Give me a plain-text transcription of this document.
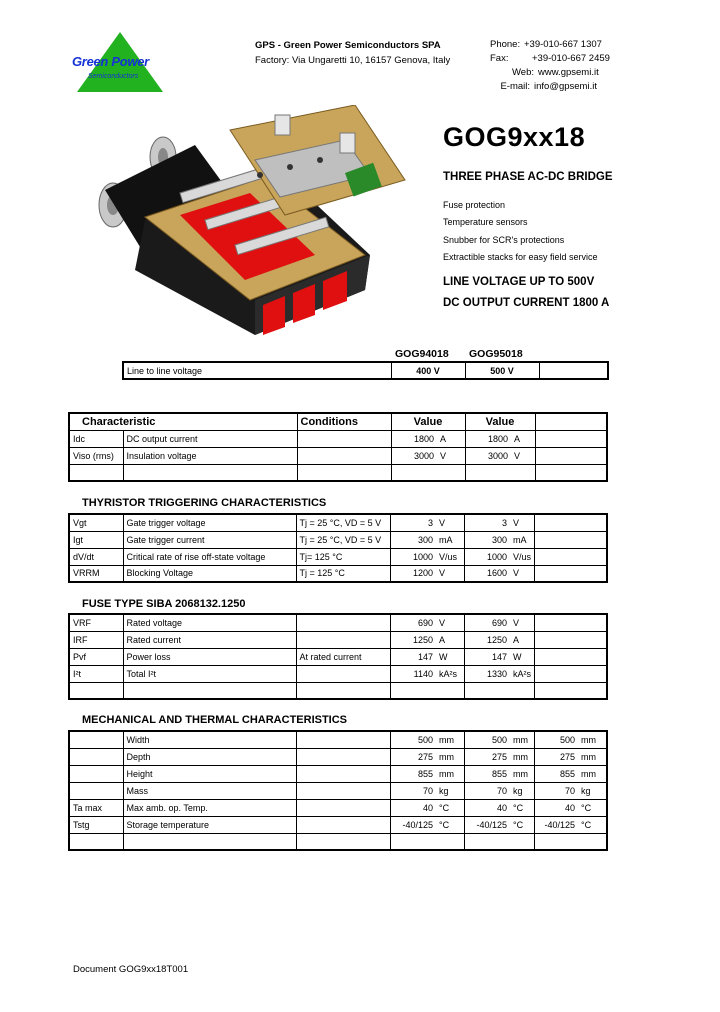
Green Power
Semiconductors
GPS - Green Power Semiconductors SPA
Factory: Via Ungaretti 10, 16157 Genova, Italy
Phone: +39-010-667 1307
Fax:	+39-010-667 2459
Web: www.gpsemi.it
E-mail: info@gpsemi.it
GOG9xx18
THREE PHASE AC-DC BRIDGE
Fuse protection
Temperature sensors
Snubber for SCR's protections
Extractible stacks for easy field service
LINE VOLTAGE UP TO 500V
DC OUTPUT CURRENT 1800 A
GOG94018 GOG95018
Line to line voltage	400 V	500 V	
Characteristic		Conditions	Value		Value		
Idc	DC output current		1800	A	1800	A	
Viso (rms)	Insulation voltage		3000	V	3000	V	

THYRISTOR TRIGGERING CHARACTERISTICS
Vgt	Gate trigger voltage	Tj = 25 °C, VD = 5 V	3	V	3	V	
Igt	Gate trigger current	Tj = 25 °C, VD = 5 V	300	mA	300	mA	
dV/dt	Critical rate of rise off-state voltage	Tj= 125 °C	1000	V/us	1000	V/us	
VRRM	Blocking Voltage	Tj = 125 °C	1200	V	1600	V	
FUSE TYPE SIBA 2068132.1250
VRF	Rated voltage		690	V	690	V	
IRF	Rated current		1250	A	1250	A	
Pvf	Power loss	At rated current	147	W	147	W	
I²t	Total I²t		1140	kA²s	1330	kA²s	

MECHANICAL AND THERMAL CHARACTERISTICS
	Width		500	mm	500	mm	500	mm
	Depth		275	mm	275	mm	275	mm
	Height		855	mm	855	mm	855	mm
	Mass		70	kg	70	kg	70	kg
Ta max	Max amb. op. Temp.		40	°C	40	°C	40	°C
Tstg	Storage temperature		-40/125	°C	-40/125	°C	-40/125	°C

Document GOG9xx18T001
